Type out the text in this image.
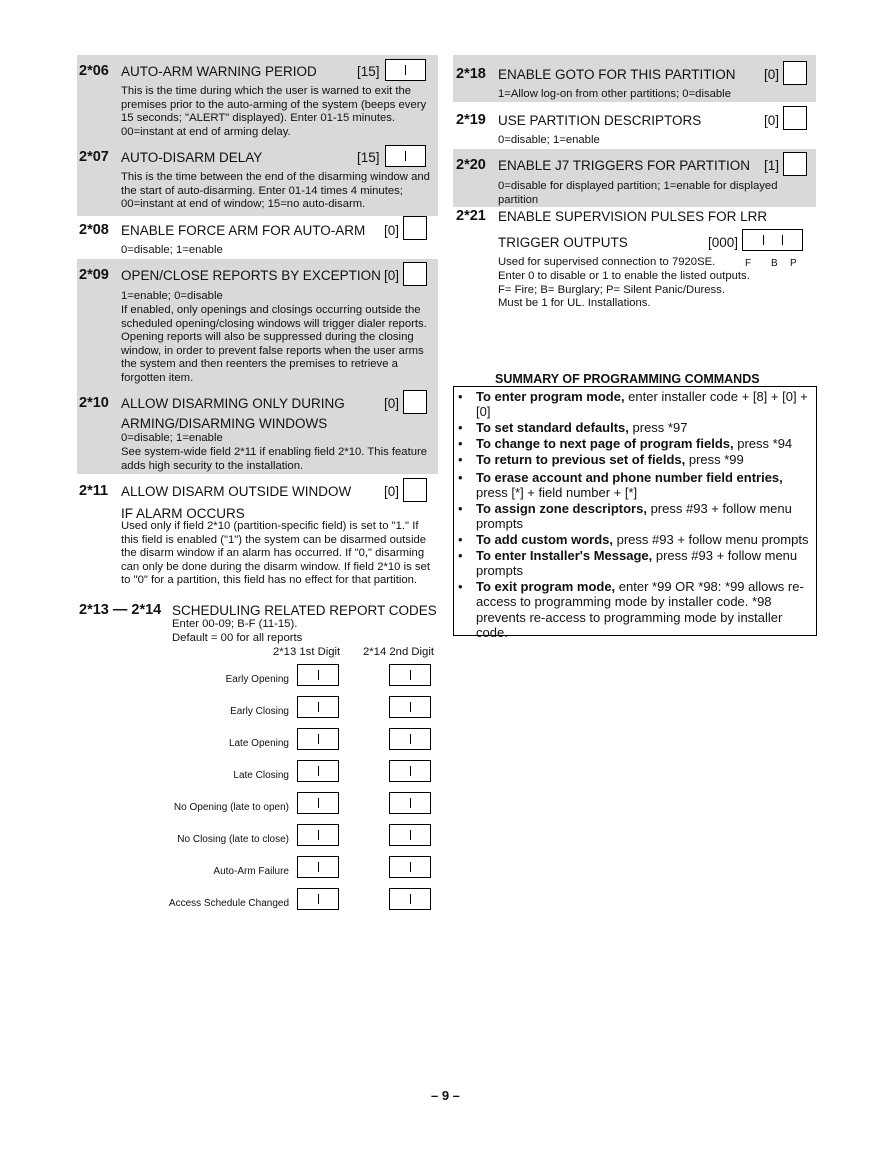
2*06 AUTO-ARM WARNING PERIOD	[15]
This is the time during which the user is warned to exit the premises prior to the auto-arming of the system (beeps every 15 seconds; "ALERT" displayed). Enter 01-15 minutes. 00=instant at end of arming delay.
2*07 AUTO-DISARM DELAY	[15]
This is the time between the end of the disarming window and the start of auto-disarming. Enter 01-14 times 4 minutes; 00=instant at end of window; 15=no auto-disarm.
2*08 ENABLE FORCE ARM FOR AUTO-ARM [0]
0=disable; 1=enable
2*09 OPEN/CLOSE REPORTS BY EXCEPTION [0]
1=enable; 0=disable
If enabled, only openings and closings occurring outside the scheduled opening/closing windows will trigger dialer reports. Opening reports will also be suppressed during the closing window, in order to prevent false reports when the user arms the system and then reenters the premises to retrieve a forgotten item.
2*10 ALLOW DISARMING ONLY DURING	[0]
ARMING/DISARMING WINDOWS
0=disable; 1=enable
See system-wide field 2*11 if enabling field 2*10. This feature adds high security to the installation.
2*11 ALLOW DISARM OUTSIDE WINDOW [0]
IF ALARM OCCURS
Used only if field 2*10 (partition-specific field) is set to "1." If this field is enabled ("1") the system can be disarmed outside the disarm window if an alarm has occurred. If "0," disarming can only be done during the disarm window. If field 2*10 is set to "0" for a partition, this field has no effect for that partition.
2*13 — 2*14 SCHEDULING RELATED REPORT CODES
Enter 00-09; B-F (11-15).
Default = 00 for all reports
2*13 1st Digit 2*14 2nd Digit
Early Opening
Early Closing
Late Opening
Late Closing
No Opening (late to open)
No Closing (late to close)
Auto-Arm Failure
Access Schedule Changed
2*18 ENABLE GOTO FOR THIS PARTITION [0]
1=Allow log-on from other partitions; 0=disable
2*19 USE PARTITION DESCRIPTORS	[0]
0=disable; 1=enable
2*20 ENABLE J7 TRIGGERS FOR PARTITION [1]
0=disable for displayed partition; 1=enable for displayed partition
2*21 ENABLE SUPERVISION PULSES FOR LRR
TRIGGER OUTPUTS	[000]
Used for supervised connection to 7920SE.	F B P
Enter 0 to disable or 1 to enable the listed outputs.
F= Fire; B= Burglary; P= Silent Panic/Duress.
Must be 1 for UL. Installations.
SUMMARY OF PROGRAMMING COMMANDS
• To enter program mode, enter installer code + [8] + [0] + [0]
• To set standard defaults, press *97
• To change to next page of program fields, press *94
• To return to previous set of fields, press *99
• To erase account and phone number field entries, press [*] + field number + [*]
• To assign zone descriptors, press #93 + follow menu prompts
• To add custom words, press #93 + follow menu prompts
• To enter Installer's Message, press #93 + follow menu prompts
• To exit program mode, enter *99 OR *98: *99 allows re-access to programming mode by installer code. *98 prevents re-access to programming mode by installer code.
– 9 –
